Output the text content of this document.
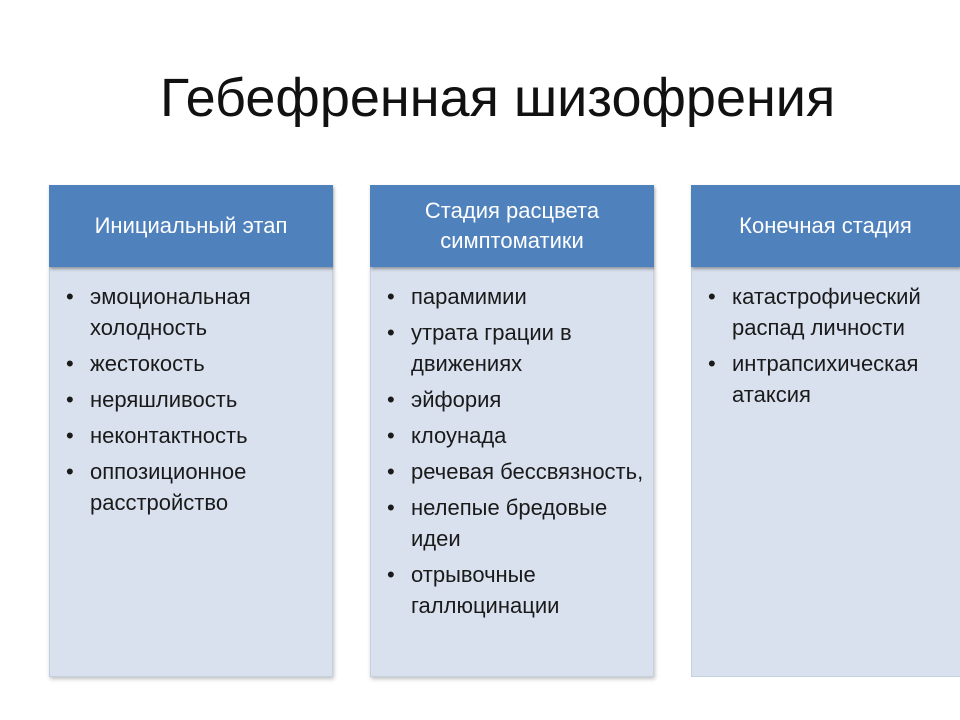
Гебефренная шизофрения
Инициальный этап
• эмоциональная холодность
• жестокость
• неряшливость
• неконтактность
• оппозиционное расстройство
Стадия расцвета симптоматики
• парамимии
• утрата грации в движениях
• эйфория
• клоунада
• речевая бессвязность,
• нелепые бредовые идеи
• отрывочные галлюцинации
Конечная стадия
• катастрофический распад личности
• интрапсихическая атаксия
